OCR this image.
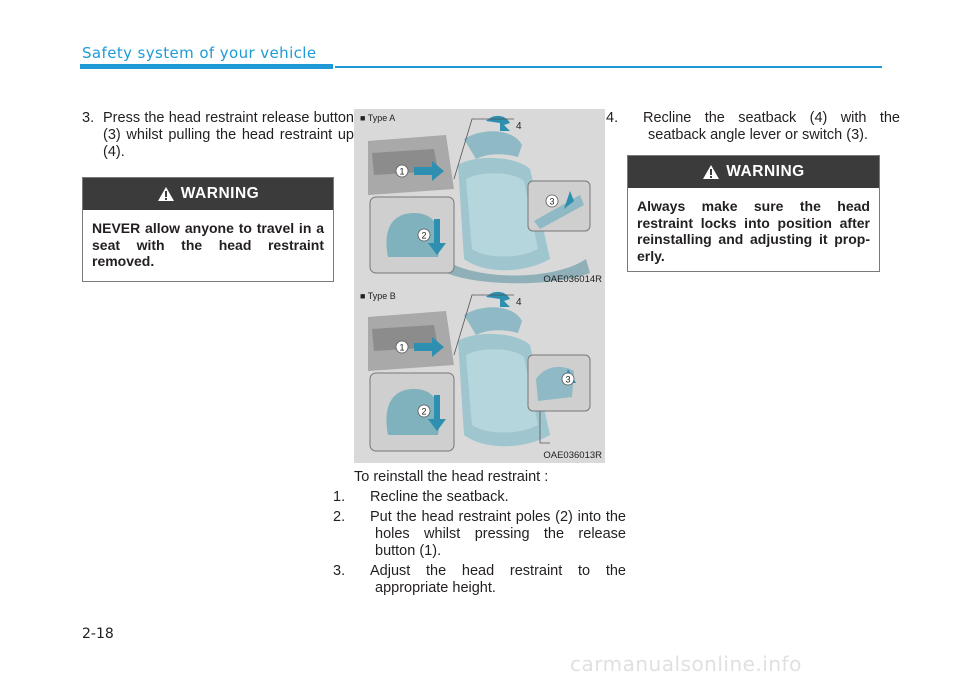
Safety system of your vehicle
3. Press the head restraint release button (3) whilst pulling the head restraint up (4).
WARNING
NEVER allow anyone to travel in a seat with the head restraint removed.
1
2
3
4
■ Type A
OAE036014R
1
2
3
4
■ Type B
OAE036013R
To reinstall the head restraint :
1. Recline the seatback.
2. Put the head restraint poles (2) into the holes whilst pressing the release button (1).
3. Adjust the head restraint to the appropriate height.
4. Recline the seatback (4) with the seatback angle lever or switch (3).
WARNING
Always make sure the head restraint locks into position after reinstalling and adjusting it prop-erly.
2-18
carmanualsonline.info
